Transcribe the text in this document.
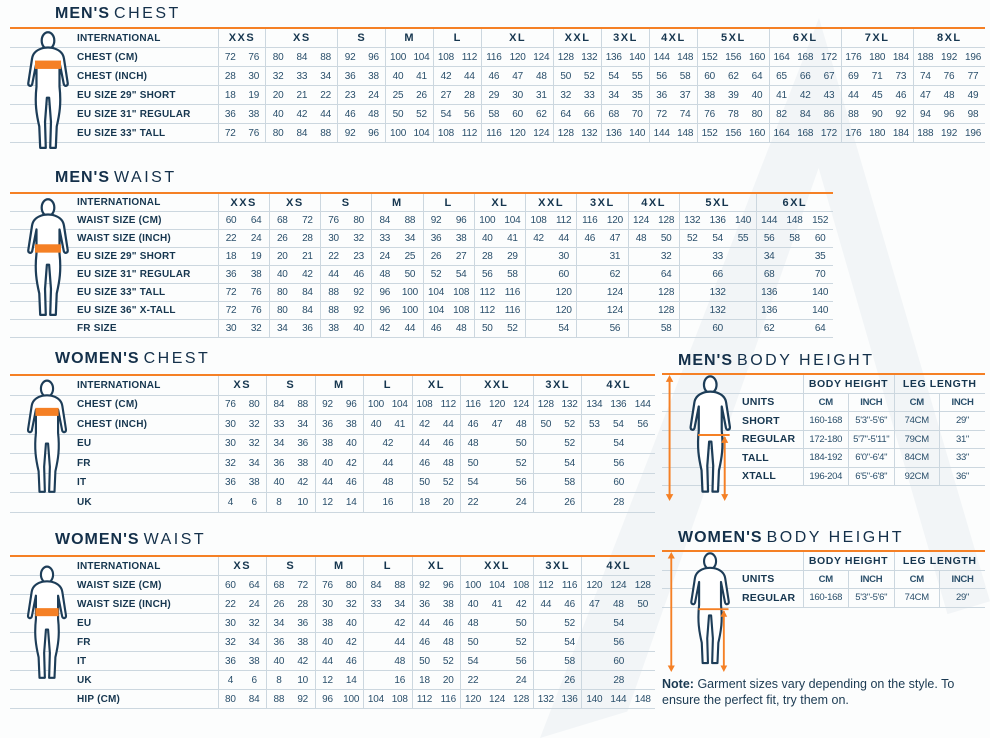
MEN'S CHEST
INTERNATIONAL	XXS		XS			S		M		L		XL			XXL		3XL		4XL		5XL			6XL			7XL			8XL		
CHEST (CM)	72	76	80	84	88	92	96	100	104	108	112	116	120	124	128	132	136	140	144	148	152	156	160	164	168	172	176	180	184	188	192	196
CHEST (INCH)	28	30	32	33	34	36	38	40	41	42	44	46	47	48	50	52	54	55	56	58	60	62	64	65	66	67	69	71	73	74	76	77
EU SIZE 29" SHORT	18	19	20	21	22	23	24	25	26	27	28	29	30	31	32	33	34	35	36	37	38	39	40	41	42	43	44	45	46	47	48	49
EU SIZE 31" REGULAR	36	38	40	42	44	46	48	50	52	54	56	58	60	62	64	66	68	70	72	74	76	78	80	82	84	86	88	90	92	94	96	98
EU SIZE 33" TALL	72	76	80	84	88	92	96	100	104	108	112	116	120	124	128	132	136	140	144	148	152	156	160	164	168	172	176	180	184	188	192	196
MEN'S WAIST
INTERNATIONAL	XXS		XS		S		M		L		XL		XXL		3XL		4XL		5XL			6XL		
WAIST SIZE (CM)	60	64	68	72	76	80	84	88	92	96	100	104	108	112	116	120	124	128	132	136	140	144	148	152
WAIST SIZE (INCH)	22	24	26	28	30	32	33	34	36	38	40	41	42	44	46	47	48	50	52	54	55	56	58	60
EU SIZE 29" SHORT	18	19	20	21	22	23	24	25	26	27	28	29		30		31		32	33			34		35
EU SIZE 31" REGULAR	36	38	40	42	44	46	48	50	52	54	56	58		60		62		64	66			68		70
EU SIZE 33" TALL	72	76	80	84	88	92	96	100	104	108	112	116		120		124		128	132			136		140
EU SIZE 36" X-TALL	72	76	80	84	88	92	96	100	104	108	112	116		120		124		128	132			136		140
FR SIZE	30	32	34	36	38	40	42	44	46	48	50	52		54		56		58	60			62		64
WOMEN'S CHEST
INTERNATIONAL	XS		S		M		L		XL		XXL			3XL		4XL		
CHEST (CM)	76	80	84	88	92	96	100	104	108	112	116	120	124	128	132	134	136	144
CHEST (INCH)	30	32	33	34	36	38	40	41	42	44	46	47	48	50	52	53	54	56
EU	30	32	34	36	38	40	42		44	46	48		50		52	54		
FR	32	34	36	38	40	42	44		46	48	50		52		54	56		
IT	36	38	40	42	44	46	48		50	52	54		56		58	60		
UK	4	6	8	10	12	14	16		18	20	22		24		26	28		
MEN'S BODY HEIGHT
	BODY HEIGHT		LEG LENGTH	
UNITS	CM	INCH	CM	INCH
SHORT	160-168	5'3"-5'6"	74CM	29"
REGULAR	172-180	5'7"-5'11"	79CM	31"
TALL	184-192	6'0"-6'4"	84CM	33"
XTALL	196-204	6'5"-6'8"	92CM	36"
WOMEN'S WAIST
INTERNATIONAL	XS		S		M		L		XL		XXL			3XL		4XL		
WAIST SIZE (CM)	60	64	68	72	76	80	84	88	92	96	100	104	108	112	116	120	124	128
WAIST SIZE (INCH)	22	24	26	28	30	32	33	34	36	38	40	41	42	44	46	47	48	50
EU	30	32	34	36	38	40		42	44	46	48		50		52	54		
FR	32	34	36	38	40	42		44	46	48	50		52		54	56		
IT	36	38	40	42	44	46		48	50	52	54		56		58	60		
UK	4	6	8	10	12	14		16	18	20	22		24		26	28		
HIP (CM)	80	84	88	92	96	100	104	108	112	116	120	124	128	132	136	140	144	148
WOMEN'S BODY HEIGHT
	BODY HEIGHT		LEG LENGTH	
UNITS	CM	INCH	CM	INCH
REGULAR	160-168	5'3"-5'6"	74CM	29"
Note: Garment sizes vary depending on the style. To ensure the perfect fit, try them on.
